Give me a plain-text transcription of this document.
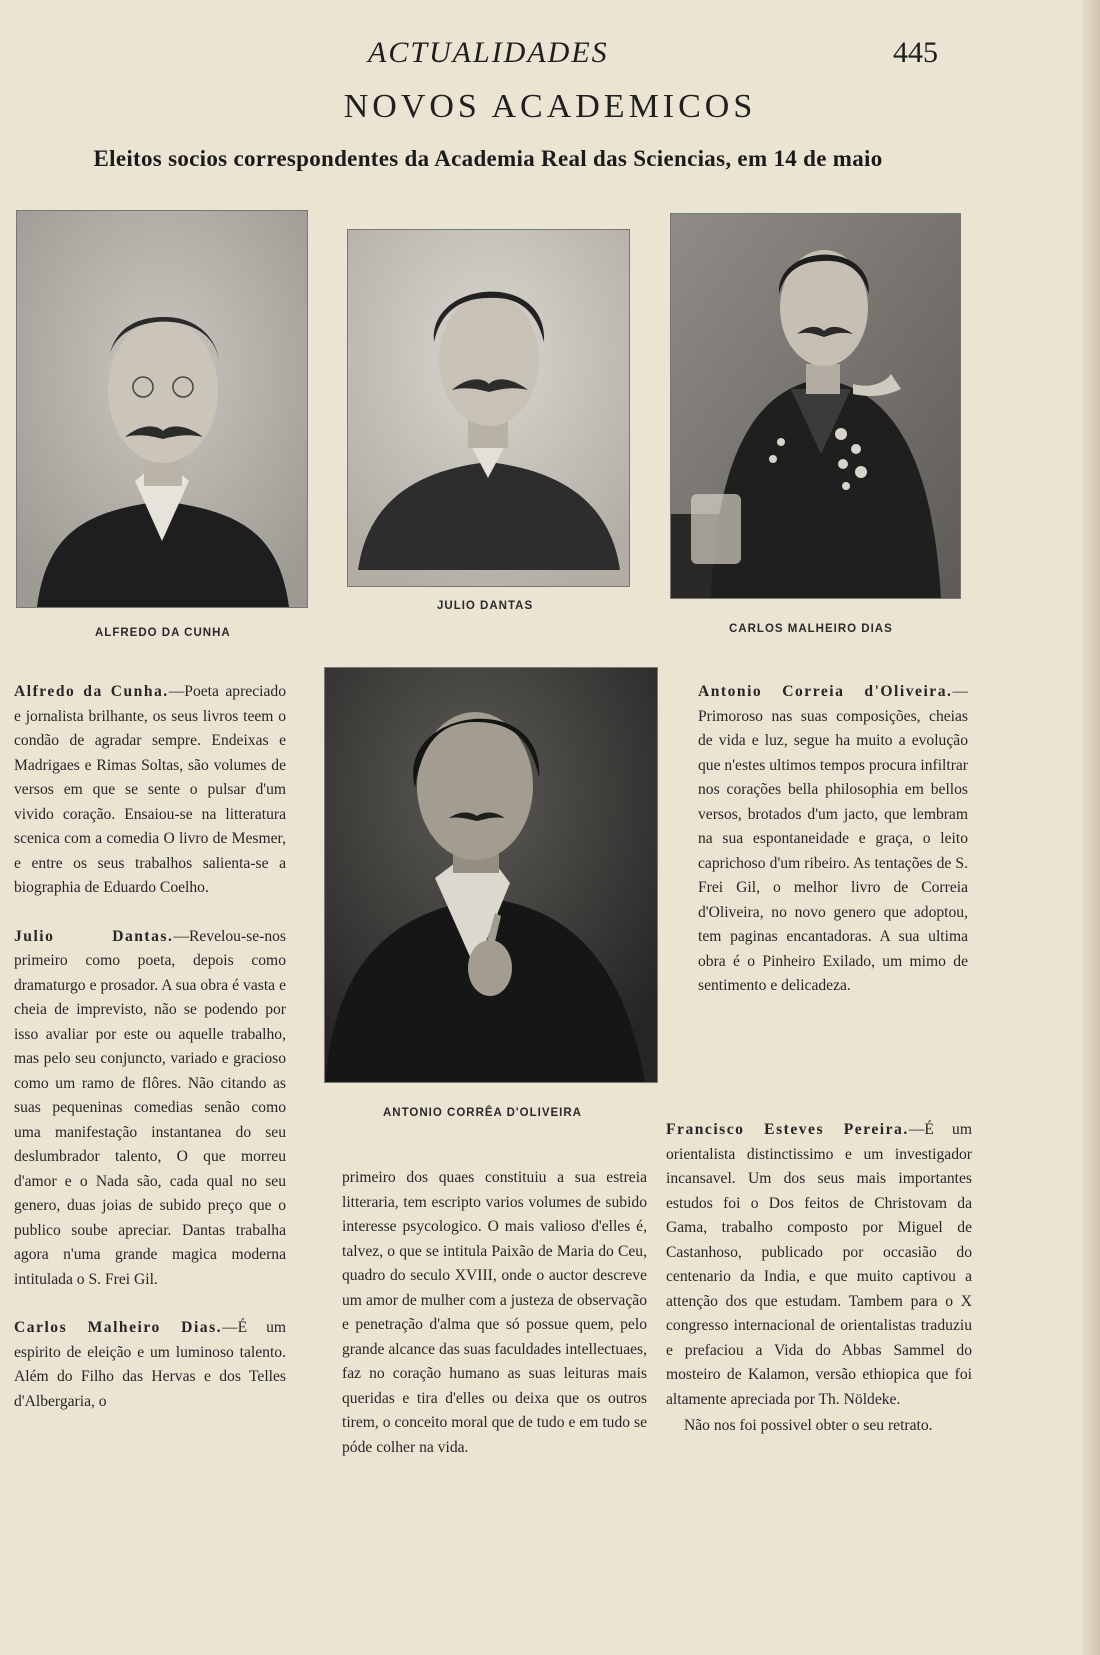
ACTUALIDADES	445
NOVOS ACADEMICOS
Eleitos socios correspondentes da Academia Real das Sciencias, em 14 de maio
ALFREDO DA CUNHA
JULIO DANTAS
CARLOS MALHEIRO DIAS
ANTONIO CORRÊA D'OLIVEIRA

Alfredo da Cunha.—Poeta apreciado e jornalista brilhante, os seus livros teem o condão de agradar sempre. Endeixas e Madrigaes e Rimas Soltas, são volumes de versos em que se sente o pulsar d'um vivido coração. Ensaiou-se na litteratura scenica com a comedia O livro de Mesmer, e entre os seus trabalhos salienta-se a biographia de Eduardo Coelho.

Julio Dantas.—Revelou-se-nos primeiro como poeta, depois como dramaturgo e prosador. A sua obra é vasta e cheia de imprevisto, não se podendo por isso avaliar por este ou aquelle trabalho, mas pelo seu conjuncto, variado e gracioso como um ramo de flôres. Não citando as suas pequeninas comedias senão como uma manifestação instantanea do seu deslumbrador talento, O que morreu d'amor e o Nada são, cada qual no seu genero, duas joias de subido preço que o publico soube apreciar. Dantas trabalha agora n'uma grande magica moderna intitulada o S. Frei Gil.

Carlos Malheiro Dias.—É um espirito de eleição e um luminoso talento. Além do Filho das Hervas e dos Telles d'Albergaria, o

primeiro dos quaes constituiu a sua estreia litteraria, tem escripto varios volumes de subido interesse psycologico. O mais valioso d'elles é, talvez, o que se intitula Paixão de Maria do Ceu, quadro do seculo XVIII, onde o auctor descreve um amor de mulher com a justeza de observação e penetração d'alma que só possue quem, pelo grande alcance das suas faculdades intellectuaes, faz no coração humano as suas leituras mais queridas e tira d'elles ou deixa que os outros tirem, o conceito moral que de tudo e em tudo se póde colher na vida.

Antonio Correia d'Oliveira.— Primoroso nas suas composições, cheias de vida e luz, segue ha muito a evolução que n'estes ultimos tempos procura infiltrar nos corações bella philosophia em bellos versos, brotados d'um jacto, que lembram na sua espontaneidade e graça, o leito caprichoso d'um ribeiro. As tentações de S. Frei Gil, o melhor livro de Correia d'Oliveira, no novo genero que adoptou, tem paginas encantadoras. A sua ultima obra é o Pinheiro Exilado, um mimo de sentimento e delicadeza.

Francisco Esteves Pereira.—É um orientalista distinctissimo e um investigador incansavel. Um dos seus mais importantes estudos foi o Dos feitos de Christovam da Gama, trabalho composto por Miguel de Castanhoso, publicado por occasião do centenario da India, e que muito captivou a attenção dos que estudam. Tambem para o X congresso internacional de orientalistas traduziu e prefaciou a Vida do Abbas Sammel do mosteiro de Kalamon, versão ethiopica que foi altamente apreciada por Th. Nöldeke.

Não nos foi possivel obter o seu retrato.
